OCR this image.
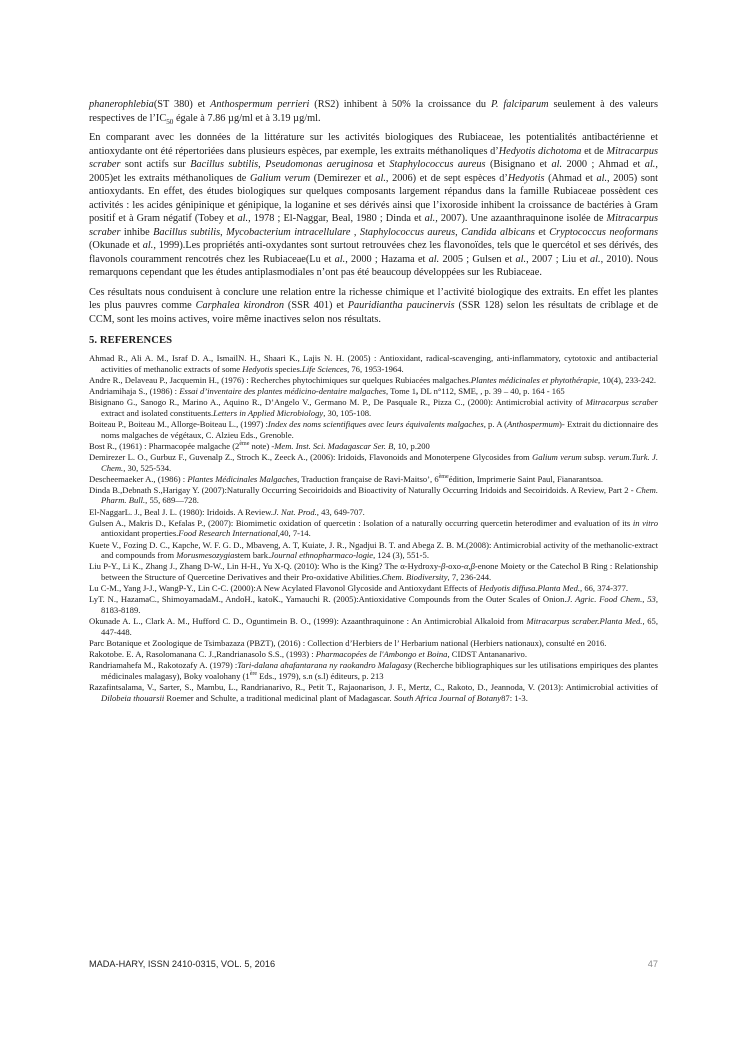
phanerophlebia(ST 380) et Anthospermum perrieri (RS2) inhibent à 50% la croissance du P. falciparum seulement à des valeurs respectives de $l’IC_{50}$ égale à 7.86 µg/ml et à 3.19 µg/ml.

En comparant avec les données de la littérature sur les activités biologiques des Rubiaceae, les potentialités antibactérienne et antioxydante ont été répertoriées dans plusieurs espèces, par exemple, les extraits méthanoliques d’Hedyotis dichotoma et de Mitracarpus scraber sont actifs sur Bacillus subtilis, Pseudomonas aeruginosa et Staphylococcus aureus (Bisignano et al. 2000 ; Ahmad et al., 2005)et les extraits méthanoliques de Galium verum (Demirezer et al., 2006) et de sept espèces d’Hedyotis (Ahmad et al., 2005) sont antioxydants. En effet, des études biologiques sur quelques composants largement répandus dans la famille Rubiaceae possèdent ces activités : les acides génipinique et génipique, la loganine et ses dérivés ainsi que l’ixoroside inhibent la croissance de bactéries à Gram positif et à Gram négatif (Tobey et al., 1978 ; El-Naggar, Beal, 1980 ; Dinda et al., 2007). Une azaanthraquinone isolée de Mitracarpus scraber inhibe Bacillus subtilis, Mycobacterium intracellulare , Staphylococcus aureus, Candida albicans et Cryptococcus neoformans (Okunade et al., 1999).Les propriétés anti-oxydantes sont surtout retrouvées chez les flavonoïdes, tels que le quercétol et ses dérivés, des flavonols couramment rencotrés chez les Rubiaceae(Lu et al., 2000 ; Hazama et al. 2005 ; Gulsen et al., 2007 ; Liu et al., 2010). Nous remarquons cependant que les études antiplasmodiales n’ont pas été beaucoup développées sur les Rubiaceae.

Ces résultats nous conduisent à conclure une relation entre la richesse chimique et l’activité biologique des extraits. En effet les plantes les plus pauvres comme Carphalea kirondron (SSR 401) et Pauridiantha paucinervis (SSR 128) selon les résultats de criblage et de CCM, sont les moins actives, voire même inactives selon nos résultats.

5. REFERENCES
Ahmad R., Ali A. M., Israf D. A., IsmailN. H., Shaari K., Lajis N. H. (2005) : Antioxidant, radical-scavenging, anti-inflammatory, cytotoxic and antibacterial activities of methanolic extracts of some Hedyotis species.Life Sciences, 76, 1953-1964.
Andre R., Delaveau P., Jacquemin H., (1976) : Recherches phytochimiques sur quelques Rubiacées malgaches.Plantes médicinales et phytothérapie, 10(4), 233-242.
Andriamihaja S., (1986) : Essai d’inventaire des plantes médicino-dentaire malgaches, Tome 1, DL n°112, SME, , p. 39 – 40, p. 164 - 165
Bisignano G., Sanogo R., Marino A., Aquino R., D’Angelo V., Germano M. P., De Pasquale R., Pizza C., (2000): Antimicrobial activity of Mitracarpus scraber extract and isolated constituents.Letters in Applied Microbiology, 30, 105-108.
Boiteau P., Boiteau M., Allorge-Boiteau L., (1997) :Index des noms scientifiques avec leurs équivalents malgaches, p. A (Anthospermum)- Extrait du dictionnaire des noms malgaches de végétaux, C. Alzieu Eds., Grenoble.
Bost R., (1961) : Pharmacopée malgache (2ème note) -Mem. Inst. Sci. Madagascar Ser. B, 10, p.200
Demirezer L. O., Gurbuz F., Guvenalp Z., Stroch K., Zeeck A., (2006): Iridoids, Flavonoids and Monoterpene Glycosides from Galium verum subsp. verum.Turk. J. Chem., 30, 525-534.
Descheemaeker A., (1986) : Plantes Médicinales Malgaches, Traduction française de Ravi-Maitso’, 6èmeédition, Imprimerie Saint Paul, Fianarantsoa.
Dinda B.,Debnath S.,Harigay Y. (2007):Naturally Occurring Secoiridoids and Bioactivity of Naturally Occurring Iridoids and Secoiridoids. A Review, Part 2 - Chem. Pharm. Bull., 55, 689—728.
El-NaggarL. J., Beal J. L. (1980): Iridoids. A Review.J. Nat. Prod., 43, 649-707.
Gulsen A., Makris D., Kefalas P., (2007): Biomimetic oxidation of quercetin : Isolation of a naturally occurring quercetin heterodimer and evaluation of its in vitro antioxidant properties.Food Research International,40, 7-14.
Kuete V., Fozing D. C., Kapche, W. F. G. D., Mbaveng, A. T, Kuiate, J. R., Ngadjui B. T. and Abega Z. B. M.(2008): Antimicrobial activity of the methanolic-extract and compounds from Morusmesozygiastem bark.Journal ethnopharmaco-logie, 124 (3), 551-5.
Liu P-Y., Li K., Zhang J., Zhang D-W., Lin H-H., Yu X-Q. (2010): Who is the King? The α-Hydroxy-β-oxo-α,β-enone Moiety or the Catechol B Ring : Relationship between the Structure of Quercetine Derivatives and their Pro-oxidative Abilities.Chem. Biodiversity, 7, 236-244.
Lu C-M., Yang J-J., WangP-Y., Lin C-C. (2000):A New Acylated Flavonol Glycoside and Antioxydant Effects of Hedyotis diffusa.Planta Med., 66, 374-377.
LyT. N., HazamaC., ShimoyamadaM., AndoH., katoK., Yamauchi R. (2005):Antioxidative Compounds from the Outer Scales of Onion.J. Agric. Food Chem., 53, 8183-8189.
Okunade A. L., Clark A. M., Hufford C. D., Oguntimein B. O., (1999): Azaanthraquinone : An Antimicrobial Alkaloid from Mitracarpus scraber.Planta Med., 65, 447-448.
Parc Botanique et Zoologique de Tsimbazaza (PBZT), (2016) : Collection d’Herbiers de l’ Herbarium national (Herbiers nationaux), consulté en 2016.
Rakotobe. E. A, Rasolomanana C. J.,Randrianasolo S.S., (1993) : Pharmacopées de l'Ambongo et Boina, CIDST Antananarivo.
Randriamahefa M., Rakotozafy A. (1979) :Tari-dalana ahafantarana ny raokandro Malagasy (Recherche bibliographiques sur les utilisations empiriques des plantes médicinales malagasy), Boky voalohany (1ère Eds., 1979), s.n (s.l) éditeurs, p. 213
Razafintsalama, V., Sarter, S., Mambu, L., Randrianarivo, R., Petit T., Rajaonarison, J. F., Mertz, C., Rakoto, D., Jeannoda, V. (2013): Antimicrobial activities of Dilobeia thouarsii Roemer and Schulte, a traditional medicinal plant of Madagascar. South Africa Journal of Botany87: 1-3.
MADA-HARY, ISSN 2410-0315, VOL. 5, 2016	47
